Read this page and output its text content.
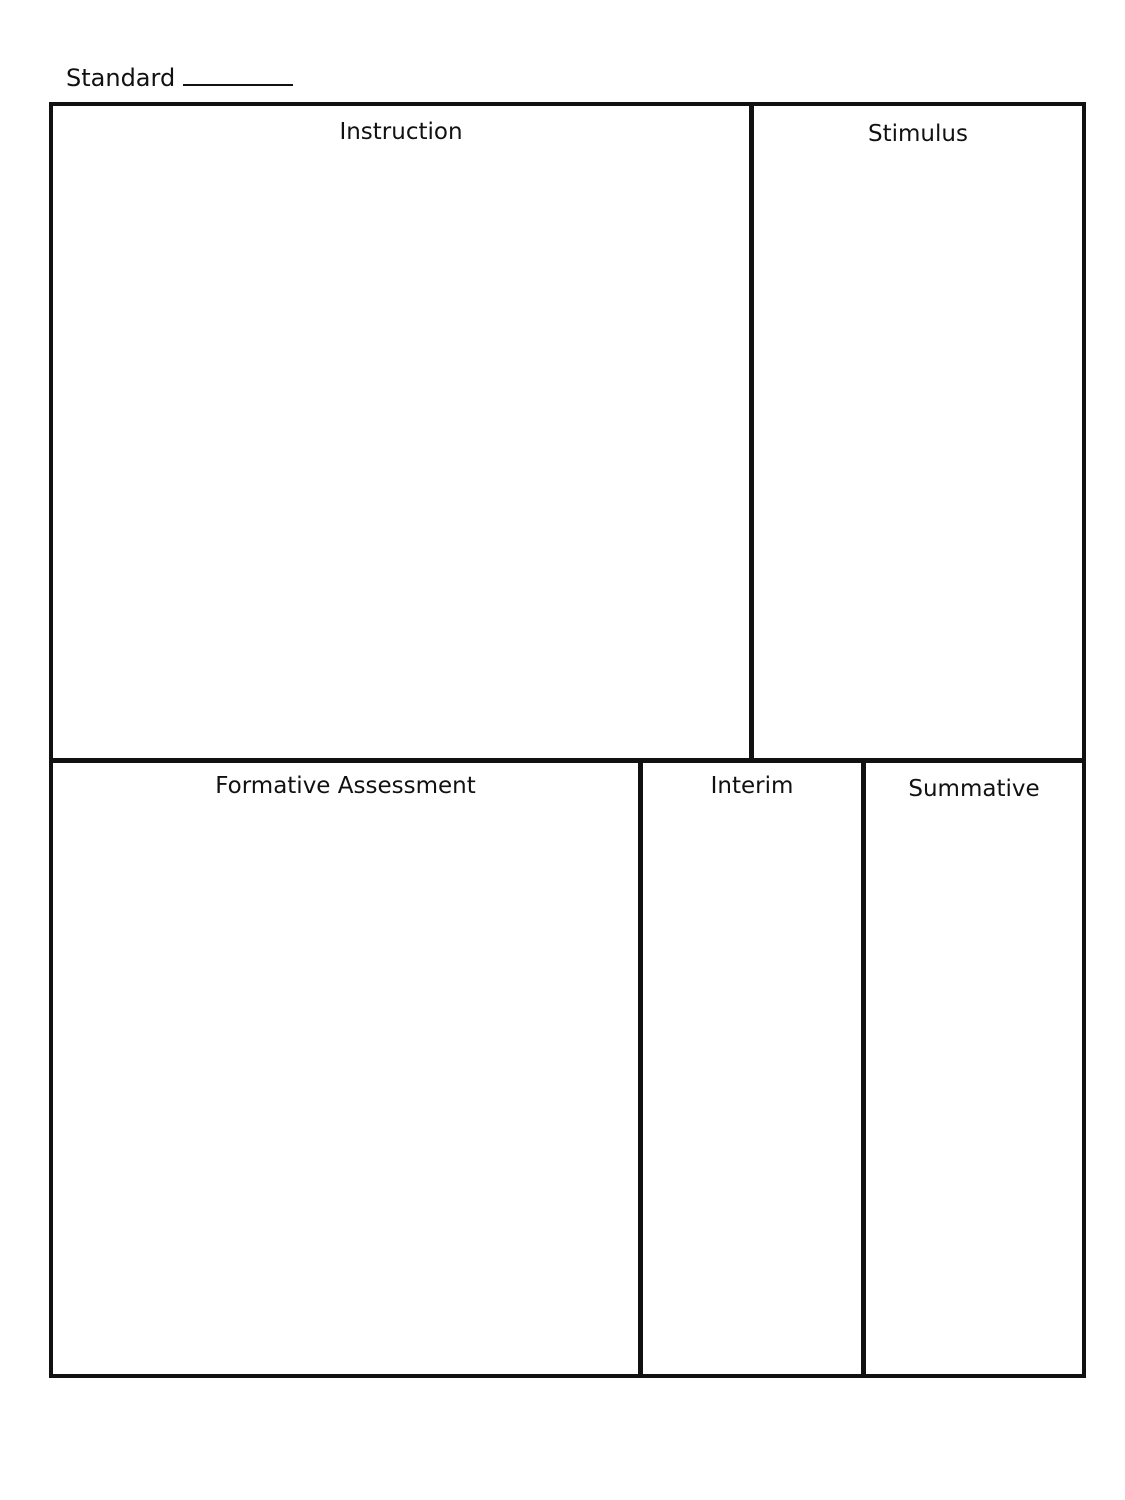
Standard
Instruction	Stimulus
Formative Assessment	Interim	Summative
